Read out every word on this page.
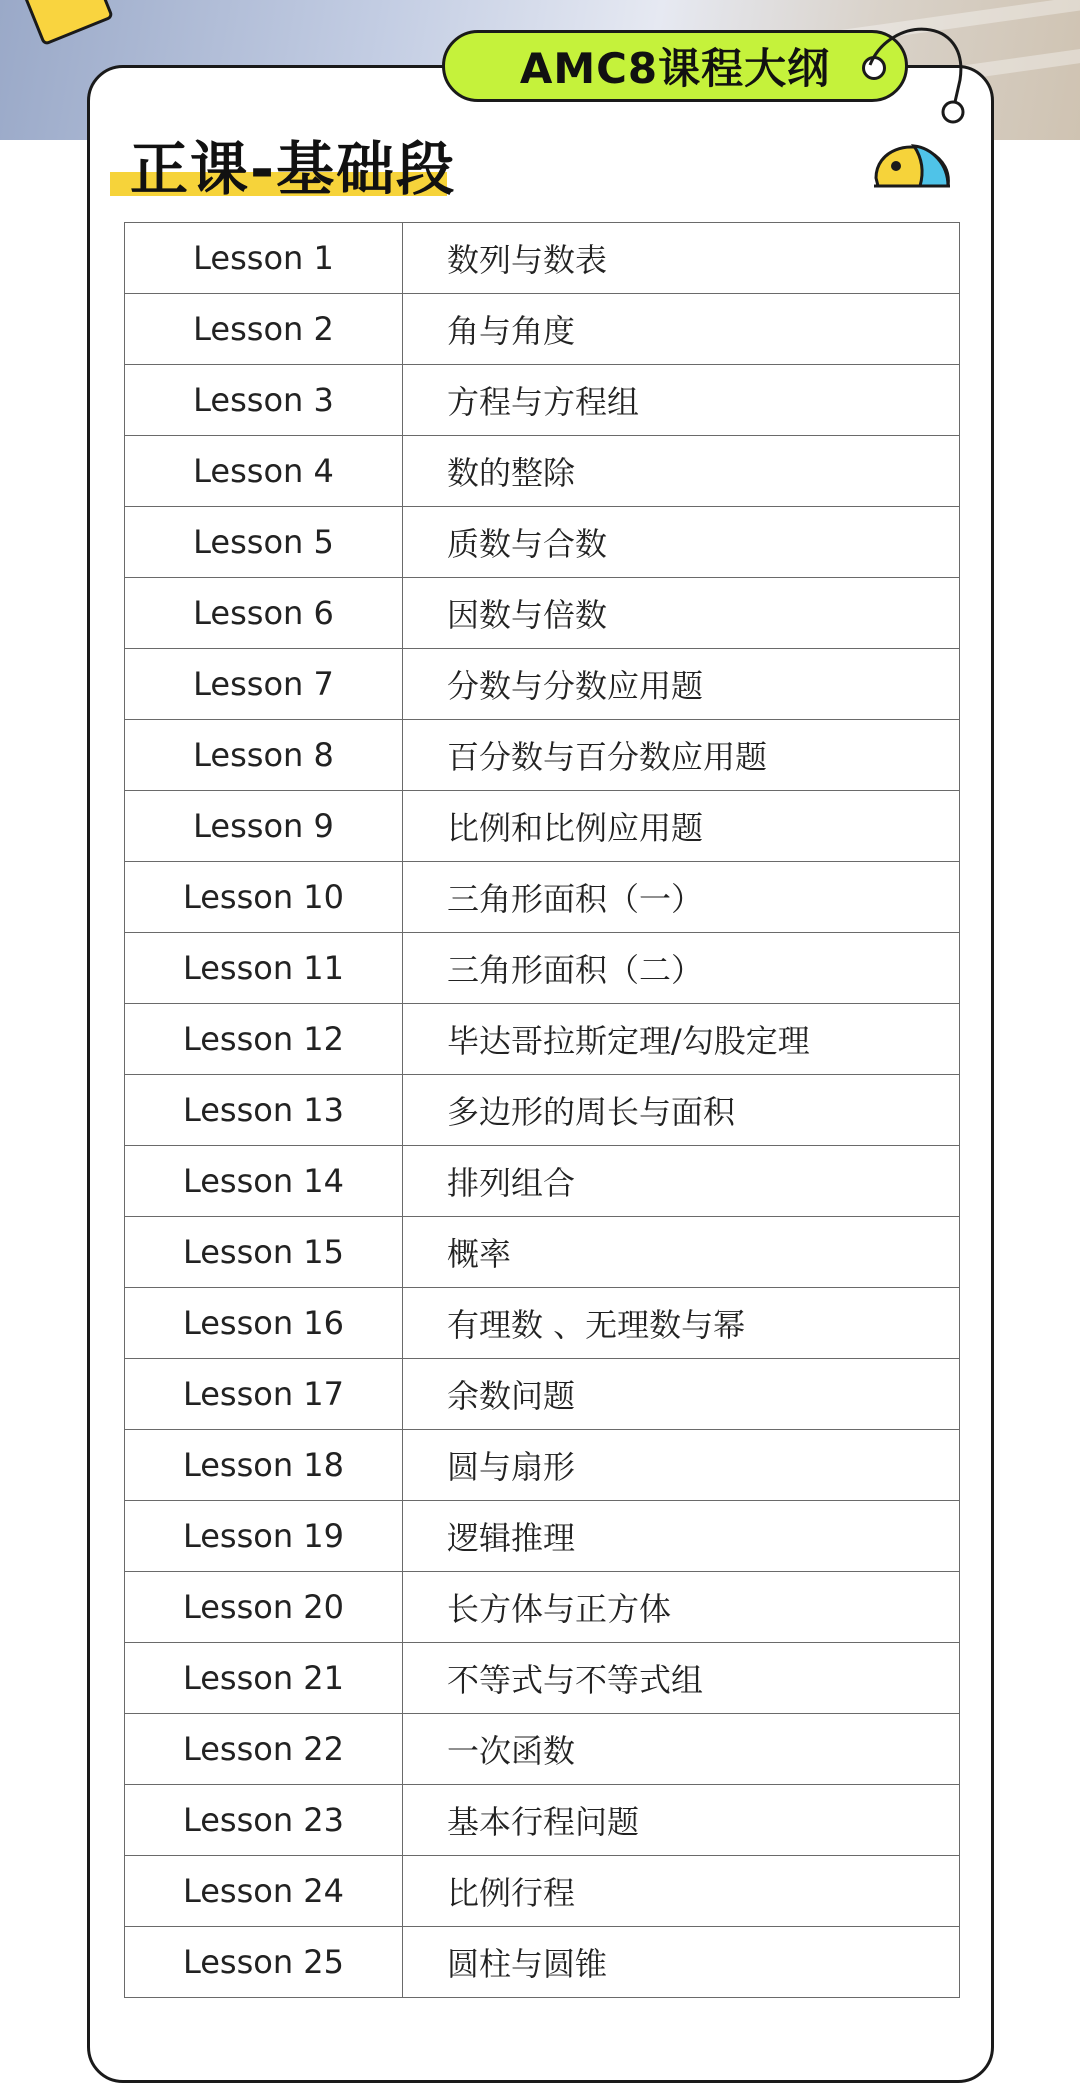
AMC8课程大纲
正课-基础段
Lesson 1	数列与数表
Lesson 2	角与角度
Lesson 3	方程与方程组
Lesson 4	数的整除
Lesson 5	质数与合数
Lesson 6	因数与倍数
Lesson 7	分数与分数应用题
Lesson 8	百分数与百分数应用题
Lesson 9	比例和比例应用题
Lesson 10	三角形面积（一）
Lesson 11	三角形面积（二）
Lesson 12	毕达哥拉斯定理/勾股定理
Lesson 13	多边形的周长与面积
Lesson 14	排列组合
Lesson 15	概率
Lesson 16	有理数 、无理数与幂
Lesson 17	余数问题
Lesson 18	圆与扇形
Lesson 19	逻辑推理
Lesson 20	长方体与正方体
Lesson 21	不等式与不等式组
Lesson 22	一次函数
Lesson 23	基本行程问题
Lesson 24	比例行程
Lesson 25	圆柱与圆锥
